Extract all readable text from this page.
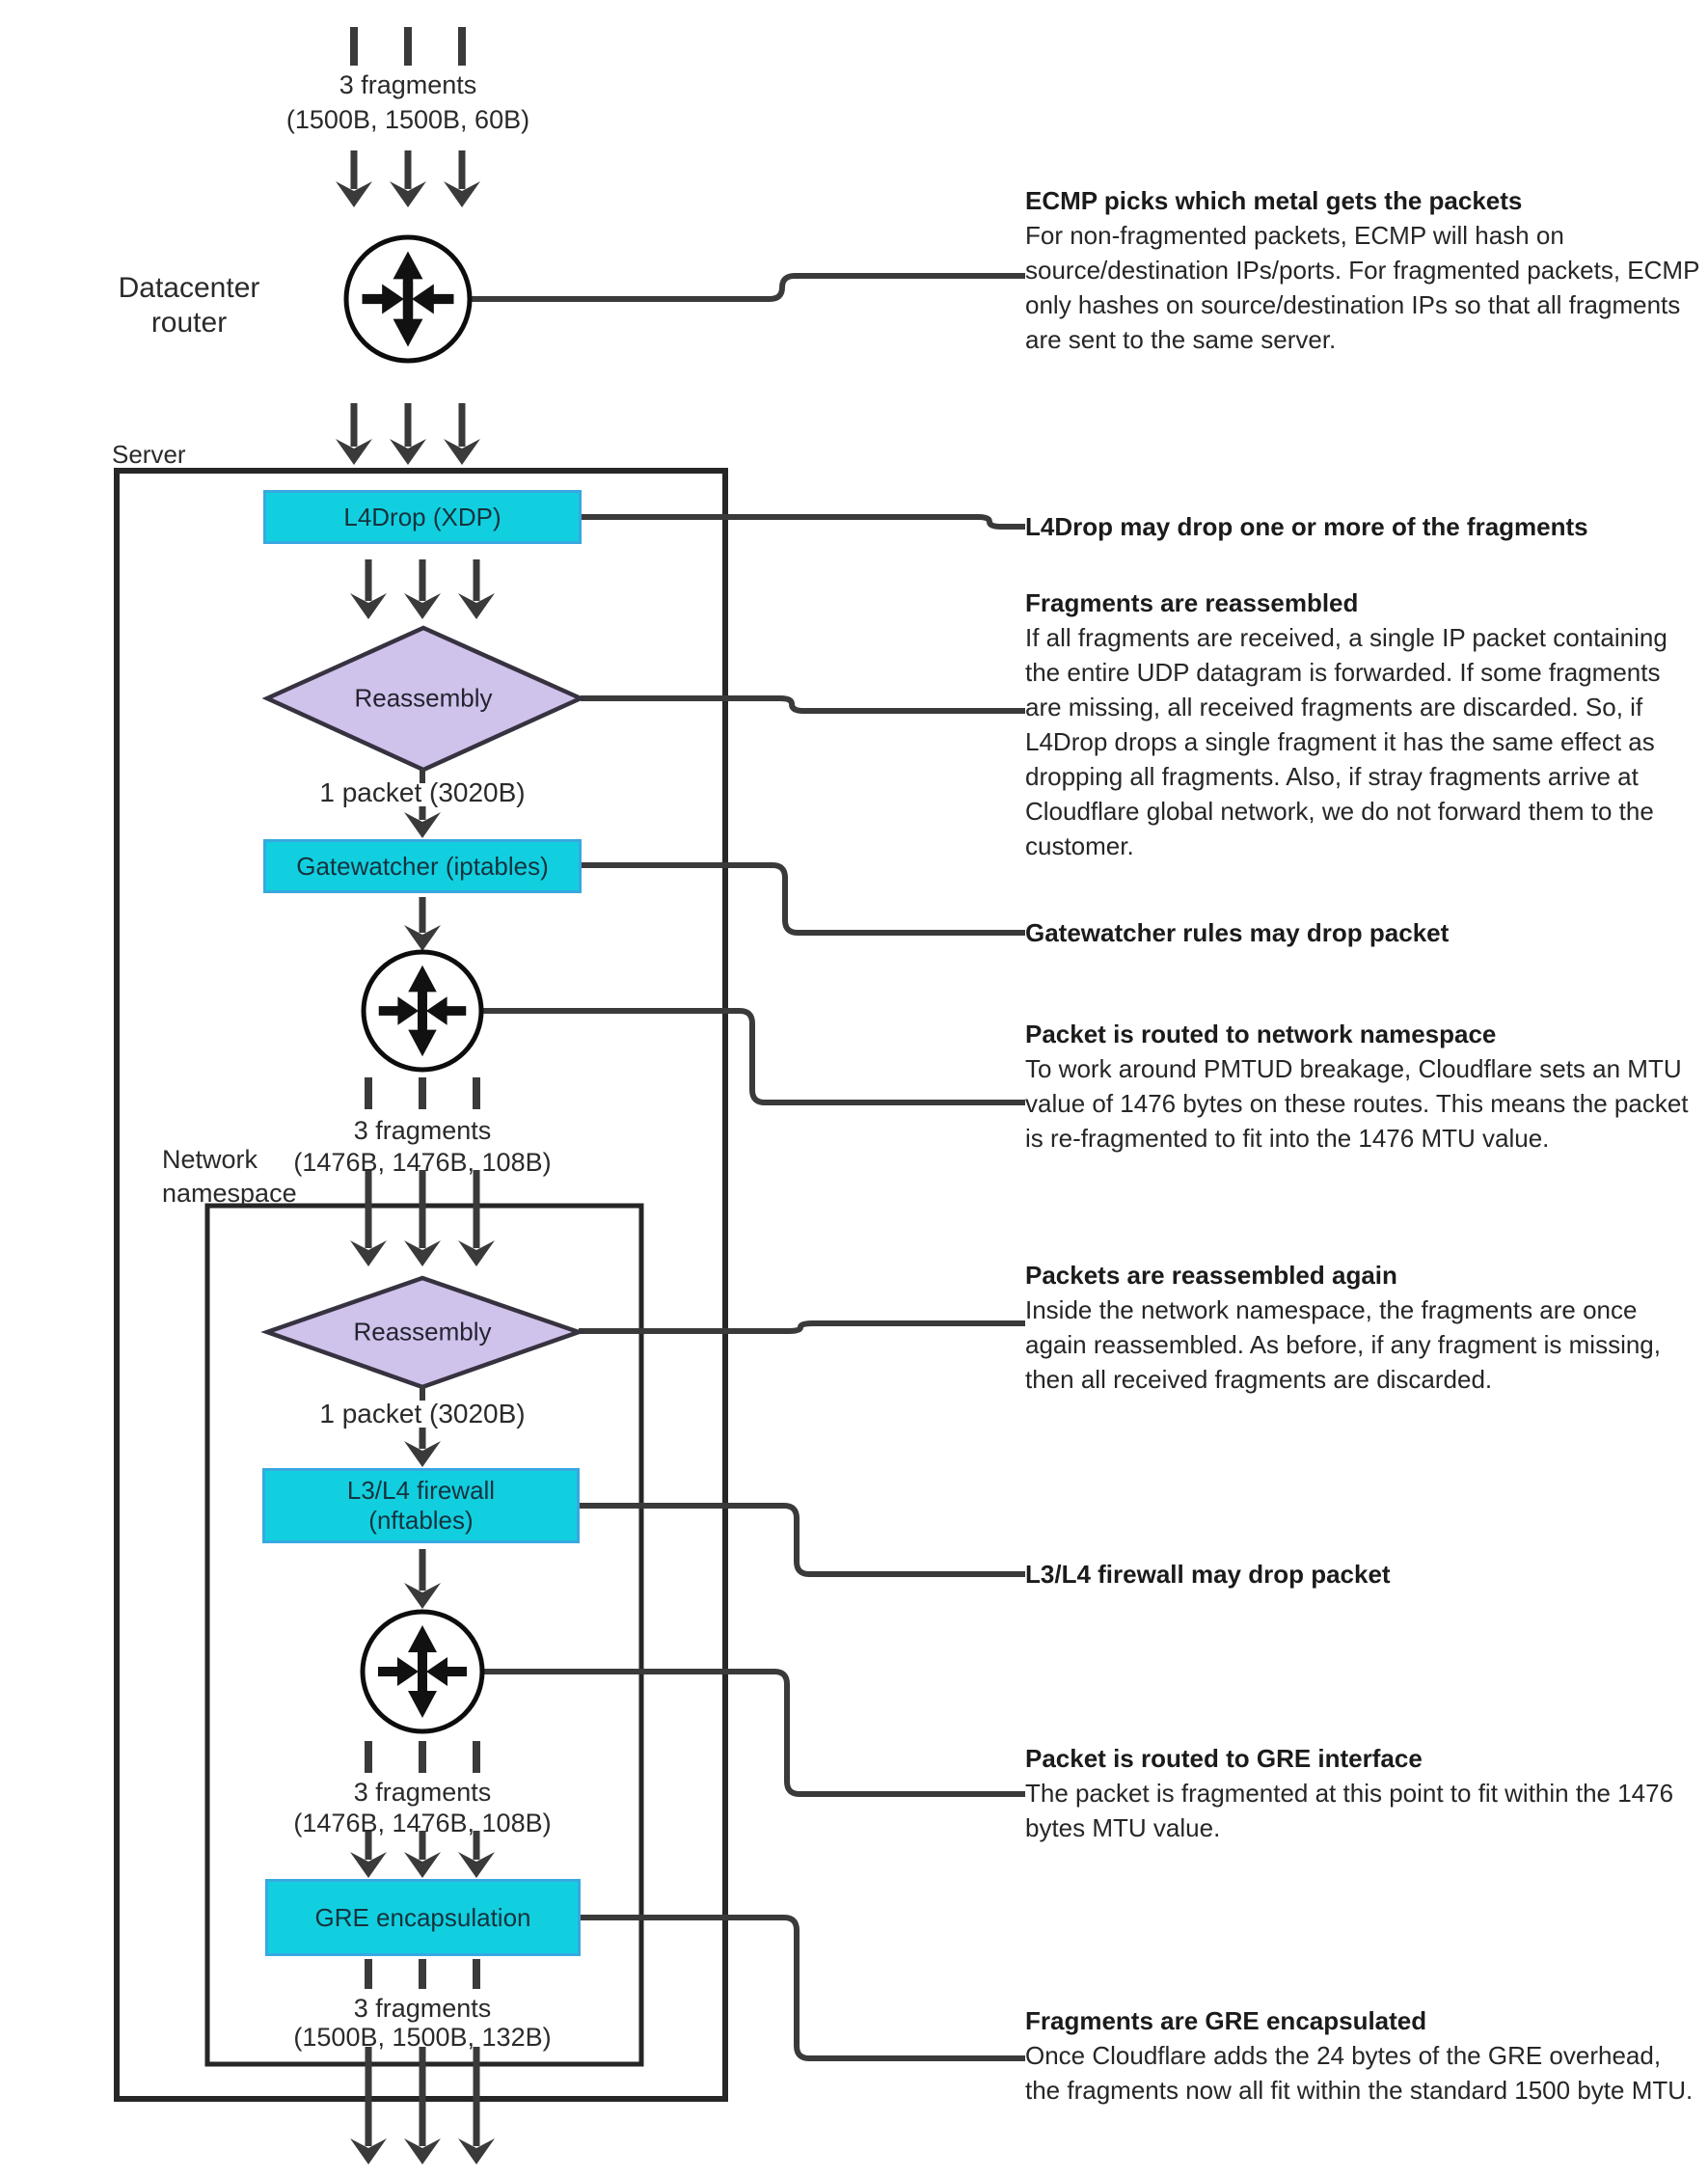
3 fragments
(1500B, 1500B, 60B)
Datacenter
router
Server
L4Drop (XDP)
Reassembly
1 packet (3020B)
Gatewatcher (iptables)
3 fragments
(1476B, 1476B, 108B)
Network
namespace
Reassembly
1 packet (3020B)
L3/L4 firewall
(nftables)
3 fragments
(1476B, 1476B, 108B)
GRE encapsulation
3 fragments
(1500B, 1500B, 132B)

ECMP picks which metal gets the packets

For non-fragmented packets, ECMP will hash on source/destination IPs/ports. For fragmented packets, ECMP only hashes on source/destination IPs so that all fragments are sent to the same server.

L4Drop may drop one or more of the fragments

Fragments are reassembled

If all fragments are received, a single IP packet containing the entire UDP datagram is forwarded. If some fragments are missing, all received fragments are discarded. So, if L4Drop drops a single fragment it has the same effect as dropping all fragments. Also, if stray fragments arrive at Cloudflare global network, we do not forward them to the customer.

Gatewatcher rules may drop packet

Packet is routed to network namespace

To work around PMTUD breakage, Cloudflare sets an MTU value of 1476 bytes on these routes. This means the packet is re-fragmented to fit into the 1476 MTU value.

Packets are reassembled again

Inside the network namespace, the fragments are once again reassembled. As before, if any fragment is missing, then all received fragments are discarded.

L3/L4 firewall may drop packet

Packet is routed to GRE interface

The packet is fragmented at this point to fit within the 1476 bytes MTU value.

Fragments are GRE encapsulated

Once Cloudflare adds the 24 bytes of the GRE overhead, the fragments now all fit within the standard 1500 byte MTU.
